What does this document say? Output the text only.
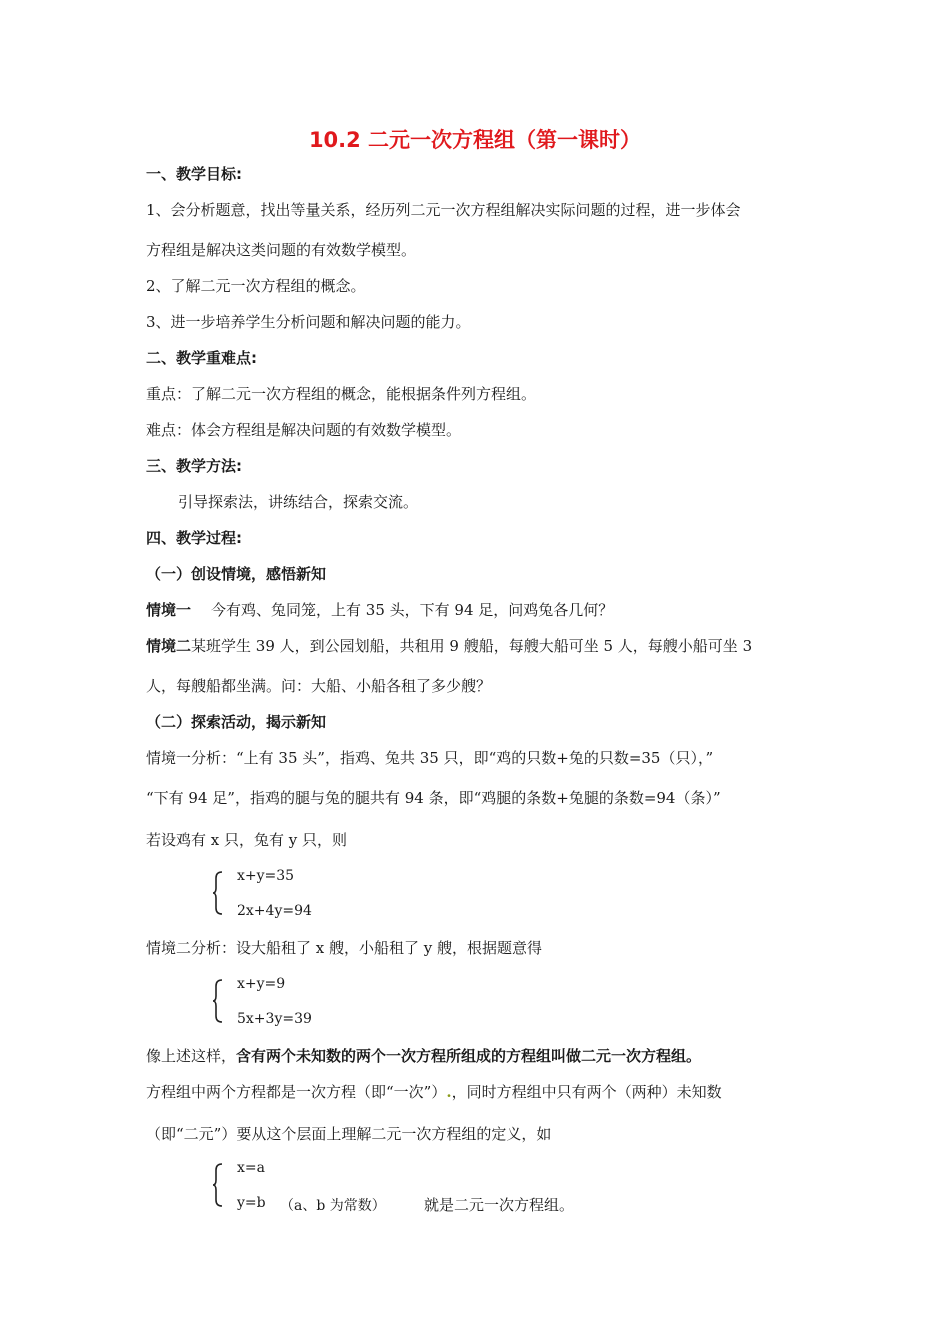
10.2 二元一次方程组（第一课时）
一、教学目标:
1、会分析题意，找出等量关系，经历列二元一次方程组解决实际问题的过程，进一步体会
方程组是解决这类问题的有效数学模型。
2、了解二元一次方程组的概念。
3、进一步培养学生分析问题和解决问题的能力。
二、教学重难点:
重点：了解二元一次方程组的概念，能根据条件列方程组。
难点：体会方程组是解决问题的有效数学模型。
三、教学方法:
引导探索法，讲练结合，探索交流。
四、教学过程:
（一）创设情境，感悟新知
情境一 今有鸡、兔同笼，上有 35 头，下有 94 足，问鸡兔各几何？
情境二某班学生 39 人，到公园划船，共租用 9 艘船，每艘大船可坐 5 人，每艘小船可坐 3
人，每艘船都坐满。问：大船、小船各租了多少艘？
（二）探索活动，揭示新知
情境一分析：“上有 35 头”，指鸡、兔共 35 只，即“鸡的只数+兔的只数=35（只），”
“下有 94 足”，指鸡的腿与兔的腿共有 94 条，即“鸡腿的条数+兔腿的条数=94（条）”
若设鸡有 x 只，兔有 y 只，则
x+y=35
2x+4y=94
情境二分析：设大船租了 x 艘，小船租了 y 艘，根据题意得
x+y=9
5x+3y=39
像上述这样，含有两个未知数的两个一次方程所组成的方程组叫做二元一次方程组。
方程组中两个方程都是一次方程（即“一次”）.，同时方程组中只有两个（两种）未知数
（即“二元”）要从这个层面上理解二元一次方程组的定义，如
x=a
y=b （a、b 为常数）	就是二元一次方程组。
